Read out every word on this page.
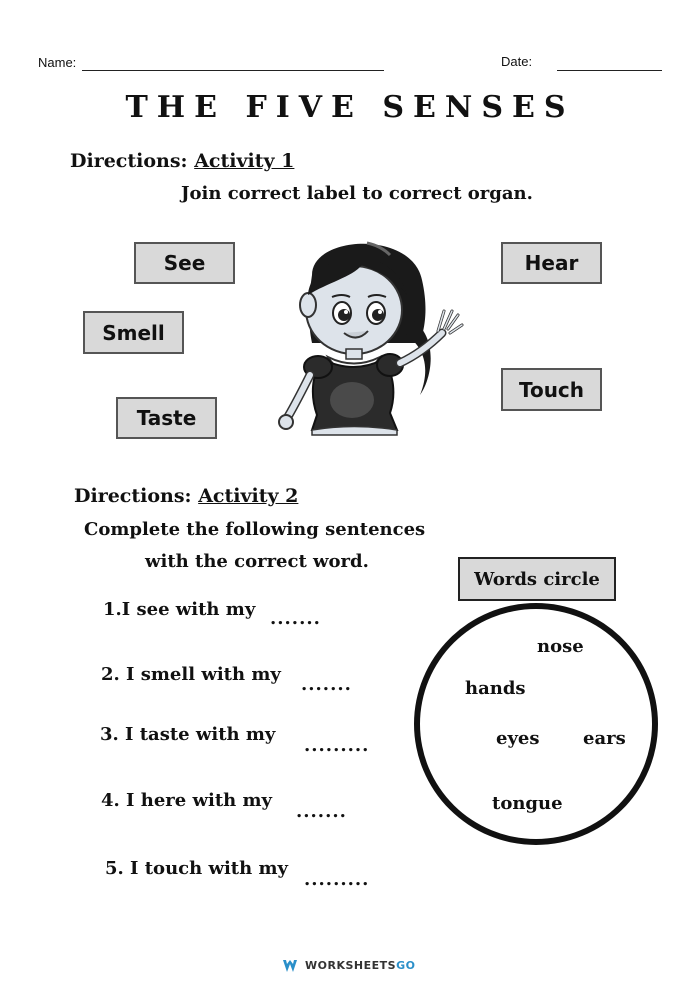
Name:	Date:
THE FIVE SENSES
Directions: Activity 1
Join correct label to correct organ.
See
Smell
Taste
Hear
Touch
Directions: Activity 2
Complete the following sentences
with the correct word.
1.I see with my .......
2. I smell with my .......
3. I taste with my
.........
4. I here with my
.......
5. I touch with my
.........
Words circle
nose
hands
eyes ears
tongue
WORKSHEETS GO
